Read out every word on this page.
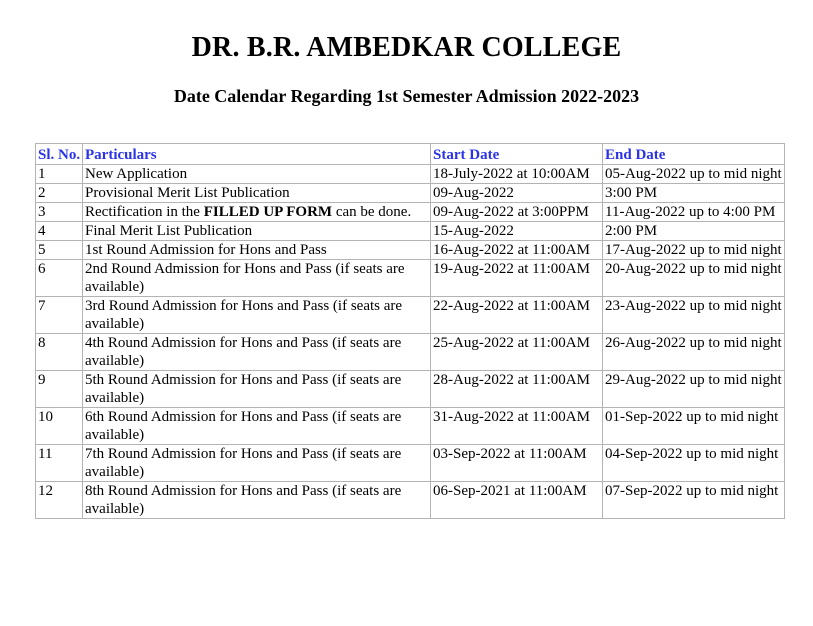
DR. B.R. AMBEDKAR COLLEGE
Date Calendar Regarding 1st Semester Admission 2022-2023
Sl. No.	Particulars	Start Date	End Date
1	New Application	18-July-2022 at 10:00AM	05-Aug-2022 up to mid night
2	Provisional Merit List Publication	09-Aug-2022	3:00 PM
3	Rectification in the FILLED UP FORM can be done.	09-Aug-2022 at 3:00PPM	11-Aug-2022 up to 4:00 PM
4	Final Merit List Publication	15-Aug-2022	2:00 PM
5	1st Round Admission for Hons and Pass	16-Aug-2022 at 11:00AM	17-Aug-2022 up to mid night
6	2nd Round Admission for Hons and Pass (if seats are available)	19-Aug-2022 at 11:00AM	20-Aug-2022 up to mid night
7	3rd Round Admission for Hons and Pass (if seats are available)	22-Aug-2022 at 11:00AM	23-Aug-2022 up to mid night
8	4th Round Admission for Hons and Pass (if seats are available)	25-Aug-2022 at 11:00AM	26-Aug-2022 up to mid night
9	5th Round Admission for Hons and Pass (if seats are available)	28-Aug-2022 at 11:00AM	29-Aug-2022 up to mid night
10	6th Round Admission for Hons and Pass (if seats are available)	31-Aug-2022 at 11:00AM	01-Sep-2022 up to mid night
11	7th Round Admission for Hons and Pass (if seats are available)	03-Sep-2022 at 11:00AM	04-Sep-2022 up to mid night
12	8th Round Admission for Hons and Pass (if seats are available)	06-Sep-2021 at 11:00AM	07-Sep-2022 up to mid night
